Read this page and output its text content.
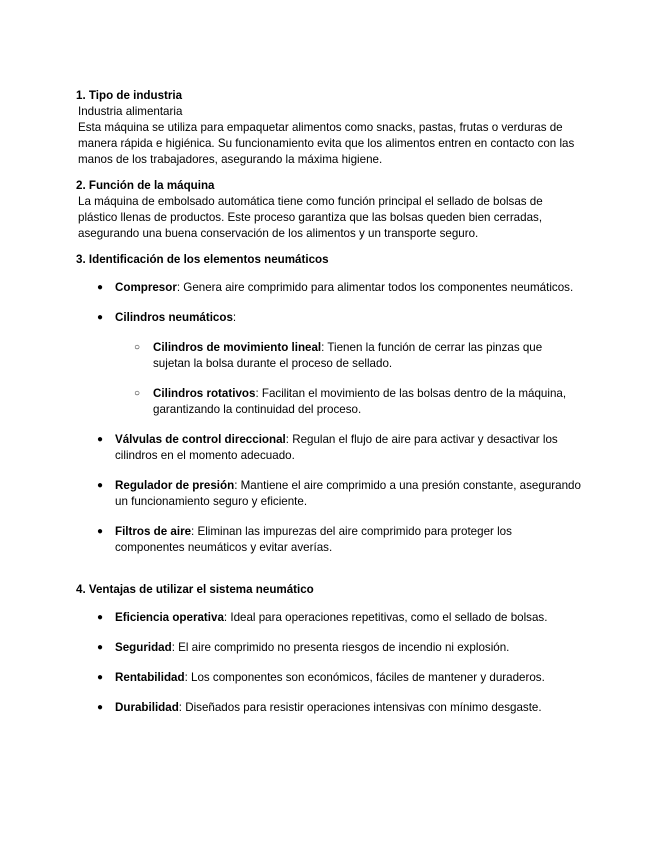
1. Tipo de industria

Industria alimentaria

Esta máquina se utiliza para empaquetar alimentos como snacks, pastas, frutas o verduras de manera rápida e higiénica. Su funcionamiento evita que los alimentos entren en contacto con las manos de los trabajadores, asegurando la máxima higiene.

2. Función de la máquina

La máquina de embolsado automática tiene como función principal el sellado de bolsas de plástico llenas de productos. Este proceso garantiza que las bolsas queden bien cerradas, asegurando una buena conservación de los alimentos y un transporte seguro.

3. Identificación de los elementos neumáticos

● Compresor: Genera aire comprimido para alimentar todos los componentes neumáticos.
● Cilindros neumáticos:
○ Cilindros de movimiento lineal: Tienen la función de cerrar las pinzas que sujetan la bolsa durante el proceso de sellado.
○ Cilindros rotativos: Facilitan el movimiento de las bolsas dentro de la máquina, garantizando la continuidad del proceso.
● Válvulas de control direccional: Regulan el flujo de aire para activar y desactivar los cilindros en el momento adecuado.
● Regulador de presión: Mantiene el aire comprimido a una presión constante, asegurando un funcionamiento seguro y eficiente.
● Filtros de aire: Eliminan las impurezas del aire comprimido para proteger los componentes neumáticos y evitar averías.

4. Ventajas de utilizar el sistema neumático

● Eficiencia operativa: Ideal para operaciones repetitivas, como el sellado de bolsas.
● Seguridad: El aire comprimido no presenta riesgos de incendio ni explosión.
● Rentabilidad: Los componentes son económicos, fáciles de mantener y duraderos.
● Durabilidad: Diseñados para resistir operaciones intensivas con mínimo desgaste.
